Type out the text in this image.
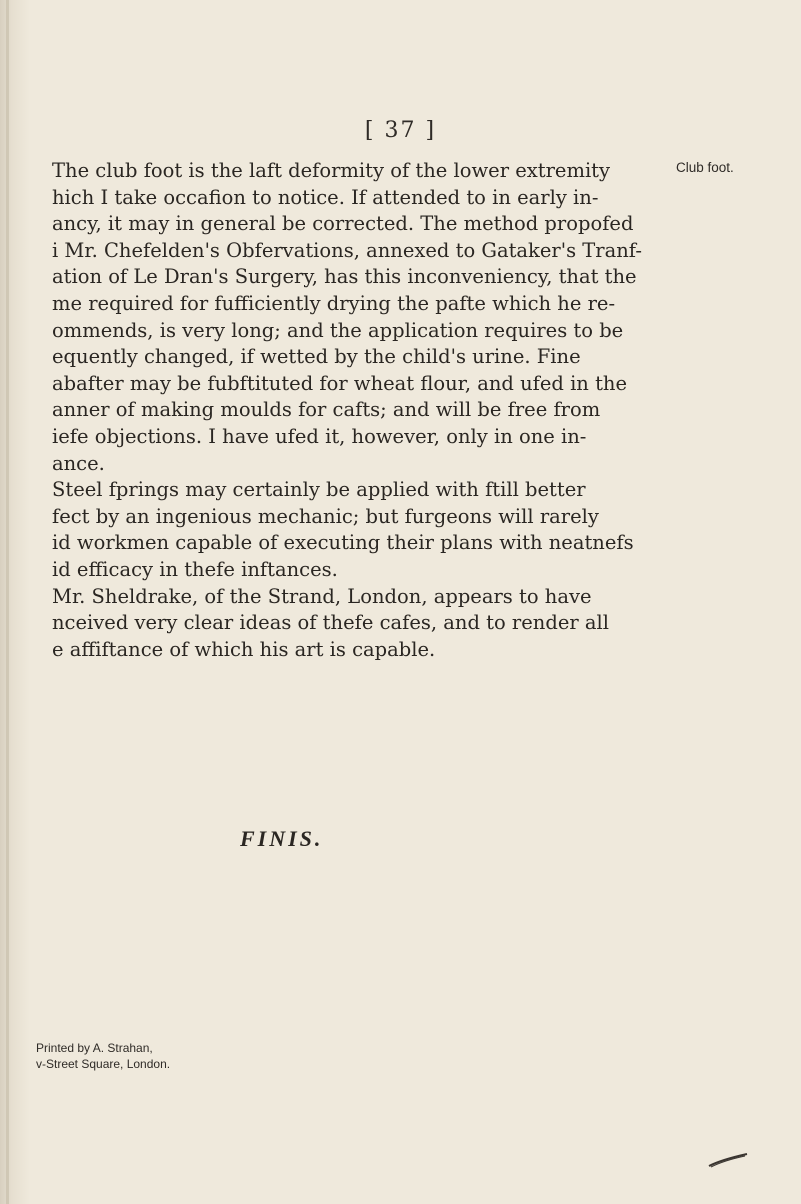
[ 37 ]
Club foot.
The club foot is the laft deformity of the lower extremity
hich I take occafion to notice. If attended to in early in-
ancy, it may in general be corrected. The method propofed
i Mr. Chefelden's Obfervations, annexed to Gataker's Tranf-
ation of Le Dran's Surgery, has this inconveniency, that the
me required for fufficiently drying the pafte which he re-
ommends, is very long; and the application requires to be
equently changed, if wetted by the child's urine. Fine
abafter may be fubftituted for wheat flour, and ufed in the
anner of making moulds for cafts; and will be free from
iefe objections. I have ufed it, however, only in one in-
ance.
Steel fprings may certainly be applied with ftill better
fect by an ingenious mechanic; but furgeons will rarely
id workmen capable of executing their plans with neatnefs
id efficacy in thefe inftances.
Mr. Sheldrake, of the Strand, London, appears to have
nceived very clear ideas of thefe cafes, and to render all
e affiftance of which his art is capable.
FINIS.
Printed by A. Strahan,
v-Street Square, London.
